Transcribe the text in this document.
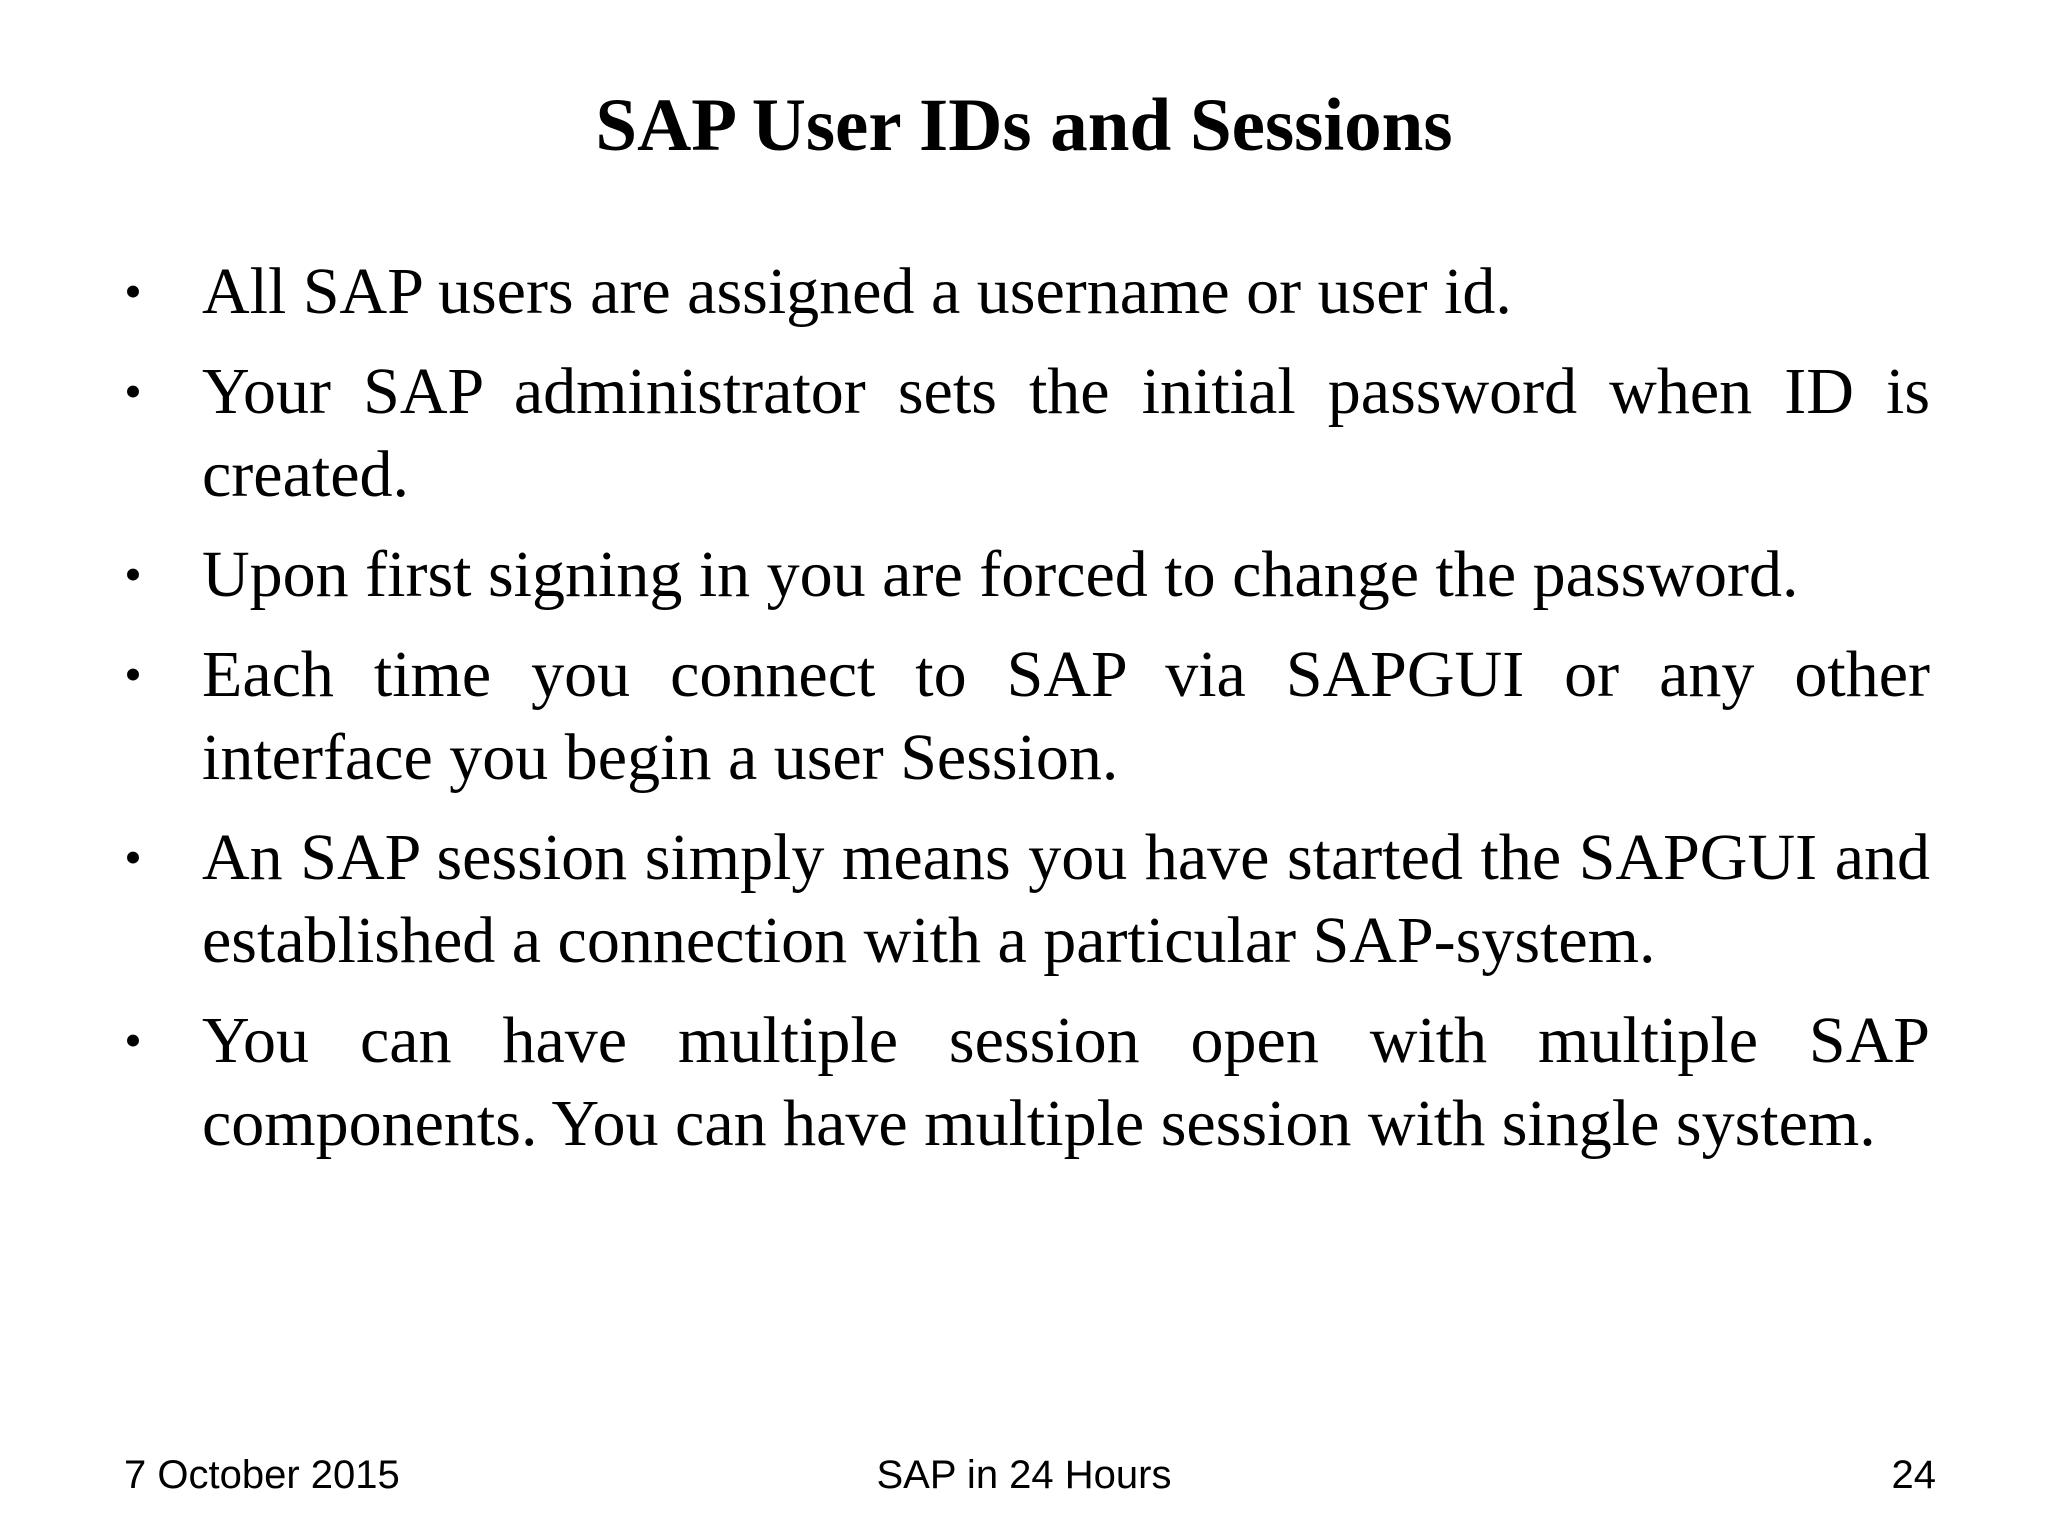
SAP User IDs and Sessions
• All SAP users are assigned a username or user id.
• Your SAP administrator sets the initial password when ID is created.
• Upon first signing in you are forced to change the password.
• Each time you connect to SAP via SAPGUI or any other interface you begin a user Session.
• An SAP session simply means you have started the SAPGUI and established a connection with a particular SAP-system.
• You can have multiple session open with multiple SAP components. You can have multiple session with single system.
7 October 2015	SAP in 24 Hours	24
